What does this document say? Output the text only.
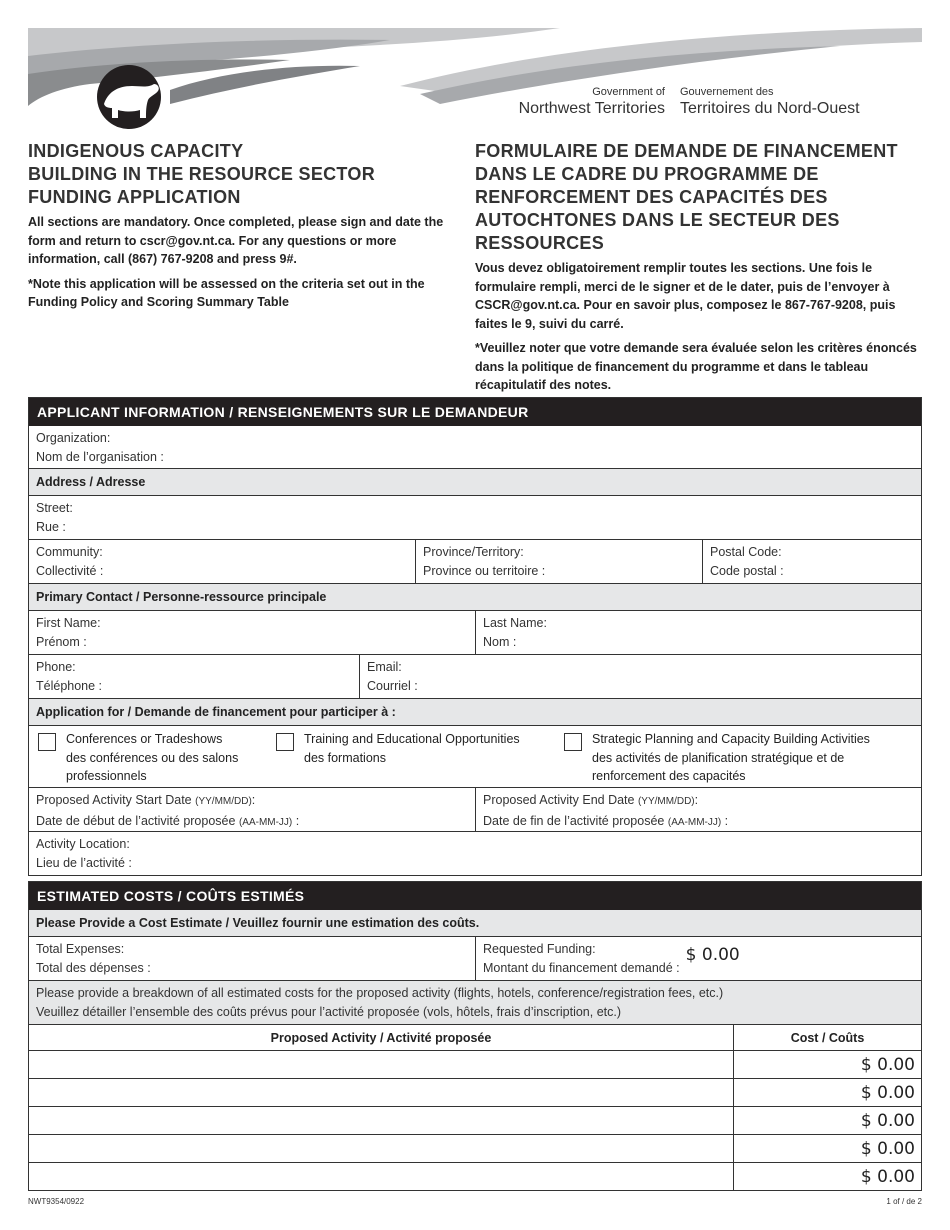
Government of
Northwest Territories
Gouvernement des
Territoires du Nord-Ouest
INDIGENOUS CAPACITY
BUILDING IN THE RESOURCE SECTOR
FUNDING APPLICATION

All sections are mandatory. Once completed, please sign and date the form and return to cscr@gov.nt.ca. For any questions or more information, call (867) 767-9208 and press 9#.

*Note this application will be assessed on the criteria set out in the Funding Policy and Scoring Summary Table

FORMULAIRE DE DEMANDE DE FINANCEMENT
DANS LE CADRE DU PROGRAMME DE
RENFORCEMENT DES CAPACITÉS DES
AUTOCHTONES DANS LE SECTEUR DES
RESSOURCES

Vous devez obligatoirement remplir toutes les sections. Une fois le formulaire rempli, merci de le signer et de le dater, puis de l’envoyer à CSCR@gov.nt.ca. Pour en savoir plus, composez le 867-767-9208, puis faites le 9, suivi du carré.

*Veuillez noter que votre demande sera évaluée selon les critères énoncés dans la politique de financement du programme et dans le tableau récapitulatif des notes.

APPLICANT INFORMATION / RENSEIGNEMENTS SUR LE DEMANDEUR
Organization:
Nom de l’organisation :
Address / Adresse
Street:
Rue :
Community:
Collectivité :
Province/Territory:
Province ou territoire :
Postal Code:
Code postal :
Primary Contact / Personne-ressource principale
First Name:
Prénom :
Last Name:
Nom :
Phone:
Téléphone :
Email:
Courriel :
Application for / Demande de financement pour participer à :
Conferences or Tradeshows
des conférences ou des salons professionnels
Training and Educational Opportunities
des formations
Strategic Planning and Capacity Building Activities
des activités de planification stratégique et de renforcement des capacités
Proposed Activity Start Date (YY/MM/DD):
Date de début de l’activité proposée (AA-MM-JJ) :
Proposed Activity End Date (YY/MM/DD):
Date de fin de l’activité proposée (AA-MM-JJ) :
Activity Location:
Lieu de l’activité :
ESTIMATED COSTS / COÛTS ESTIMÉS
Please Provide a Cost Estimate / Veuillez fournir une estimation des coûts.
Total Expenses:
Total des dépenses :
Requested Funding:
Montant du financement demandé :
$ 0.00
Please provide a breakdown of all estimated costs for the proposed activity (flights, hotels, conference/registration fees, etc.)
Veuillez détailler l’ensemble des coûts prévus pour l’activité proposée (vols, hôtels, frais d’inscription, etc.)
Proposed Activity / Activité proposée	Cost / Coûts
$ 0.00
$ 0.00
$ 0.00
$ 0.00
$ 0.00
NWT9354/0922	1 of / de 2
